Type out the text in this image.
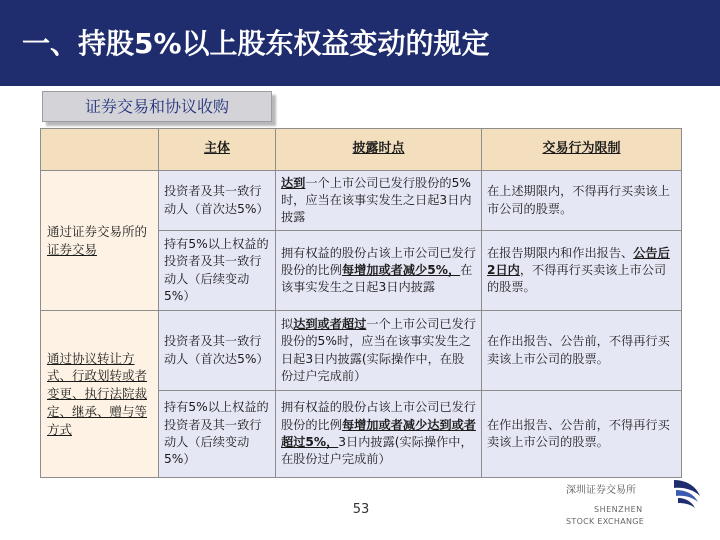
一、持股5%以上股东权益变动的规定
证券交易和协议收购
	主体	披露时点	交易行为限制
通过证券交易所的证券交易	投资者及其一致行动人（首次达5%）	达到一个上市公司已发行股份的5%时，应当在该事实发生之日起3日内披露	在上述期限内，不得再行买卖该上市公司的股票。
	持有5%以上权益的投资者及其一致行动人（后续变动5%）	拥有权益的股份占该上市公司已发行股份的比例每增加或者减少5%，在该事实发生之日起3日内披露	在报告期限内和作出报告、公告后2日内，不得再行买卖该上市公司的股票。
通过协议转让方式、行政划转或者变更、执行法院裁定、继承、赠与等方式	投资者及其一致行动人（首次达5%）	拟达到或者超过一个上市公司已发行股份的5%时，应当在该事实发生之日起3日内披露(实际操作中，在股份过户完成前）	在作出报告、公告前，不得再行买卖该上市公司的股票。
	持有5%以上权益的投资者及其一致行动人（后续变动5%）	拥有权益的股份占该上市公司已发行股份的比例每增加或者减少达到或者超过5%，3日内披露(实际操作中，在股份过户完成前）	在作出报告、公告前，不得再行买卖该上市公司的股票。
53
深圳证券交易所
SHENZHEN
STOCK EXCHANGE
